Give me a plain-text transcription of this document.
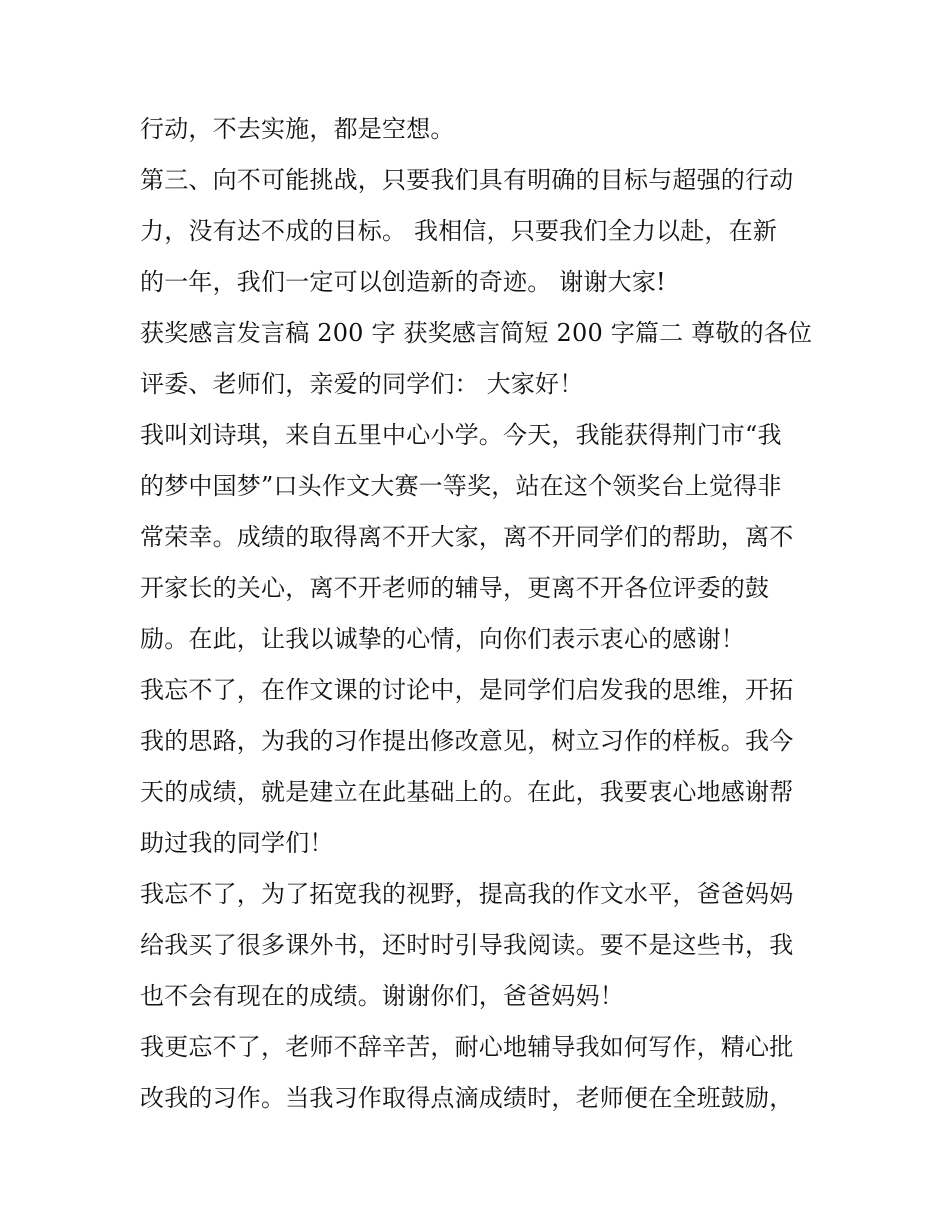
行动，不去实施，都是空想。
第三、向不可能挑战，只要我们具有明确的目标与超强的行动
力，没有达不成的目标。 我相信，只要我们全力以赴，在新
的一年，我们一定可以创造新的奇迹。 谢谢大家!
获奖感言发言稿 200 字 获奖感言简短 200 字篇二 尊敬的各位
评委、老师们，亲爱的同学们： 大家好！
我叫刘诗琪，来自五里中心小学。今天，我能获得荆门市“我
的梦中国梦”口头作文大赛一等奖，站在这个领奖台上觉得非
常荣幸。成绩的取得离不开大家，离不开同学们的帮助，离不
开家长的关心，离不开老师的辅导，更离不开各位评委的鼓
励。在此，让我以诚挚的心情，向你们表示衷心的感谢！
我忘不了，在作文课的讨论中，是同学们启发我的思维，开拓
我的思路，为我的习作提出修改意见，树立习作的样板。我今
天的成绩，就是建立在此基础上的。在此，我要衷心地感谢帮
助过我的同学们！
我忘不了，为了拓宽我的视野，提高我的作文水平，爸爸妈妈
给我买了很多课外书，还时时引导我阅读。要不是这些书，我
也不会有现在的成绩。谢谢你们，爸爸妈妈！
我更忘不了，老师不辞辛苦，耐心地辅导我如何写作，精心批
改我的习作。当我习作取得点滴成绩时，老师便在全班鼓励，
